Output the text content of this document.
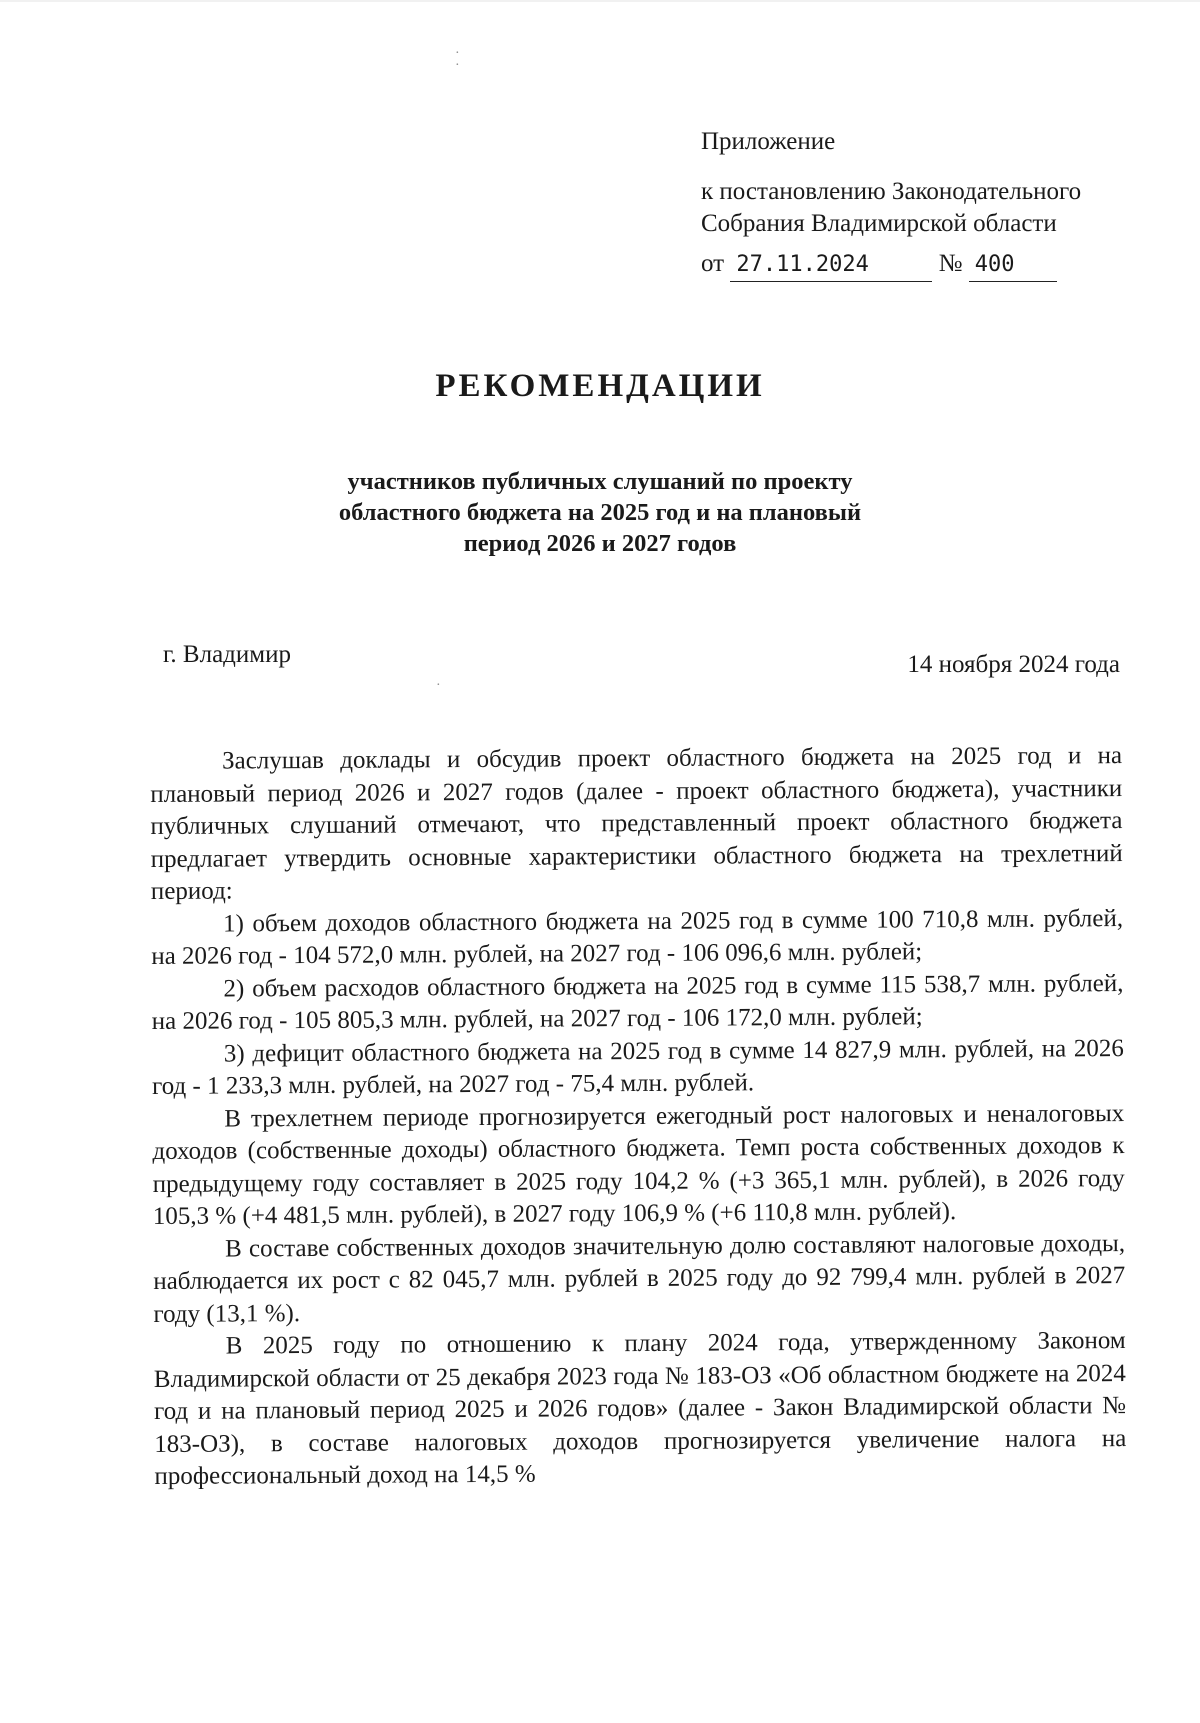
Приложение
к постановлению Законодательного
Собрания Владимирской области
от 27.11.2024	№ 400
РЕКОМЕНДАЦИИ
участников публичных слушаний по проекту
областного бюджета на 2025 год и на плановый
период 2026 и 2027 годов
г. Владимир	14 ноября 2024 года

Заслушав доклады и обсудив проект областного бюджета на 2025 год и на плановый период 2026 и 2027 годов (далее - проект областного бюджета), участники публичных слушаний отмечают, что представленный проект областного бюджета предлагает утвердить основные характеристики областного бюджета на трехлетний период:

1) объем доходов областного бюджета на 2025 год в сумме 100 710,8 млн. рублей, на 2026 год - 104 572,0 млн. рублей, на 2027 год - 106 096,6 млн. рублей;

2) объем расходов областного бюджета на 2025 год в сумме 115 538,7 млн. рублей, на 2026 год - 105 805,3 млн. рублей, на 2027 год - 106 172,0 млн. рублей;

3) дефицит областного бюджета на 2025 год в сумме 14 827,9 млн. рублей, на 2026 год - 1 233,3 млн. рублей, на 2027 год - 75,4 млн. рублей.

В трехлетнем периоде прогнозируется ежегодный рост налоговых и неналоговых доходов (собственные доходы) областного бюджета. Темп роста собственных доходов к предыдущему году составляет в 2025 году 104,2 % (+3 365,1 млн. рублей), в 2026 году 105,3 % (+4 481,5 млн. рублей), в 2027 году 106,9 % (+6 110,8 млн. рублей).

В составе собственных доходов значительную долю составляют налоговые доходы, наблюдается их рост с 82 045,7 млн. рублей в 2025 году до 92 799,4 млн. рублей в 2027 году (13,1 %).

В 2025 году по отношению к плану 2024 года, утвержденному Законом Владимирской области от 25 декабря 2023 года № 183-ОЗ «Об областном бюджете на 2024 год и на плановый период 2025 и 2026 годов» (далее - Закон Владимирской области № 183-ОЗ), в составе налоговых доходов прогнозируется увеличение налога на профессиональный доход на 14,5 %

·
·
·
